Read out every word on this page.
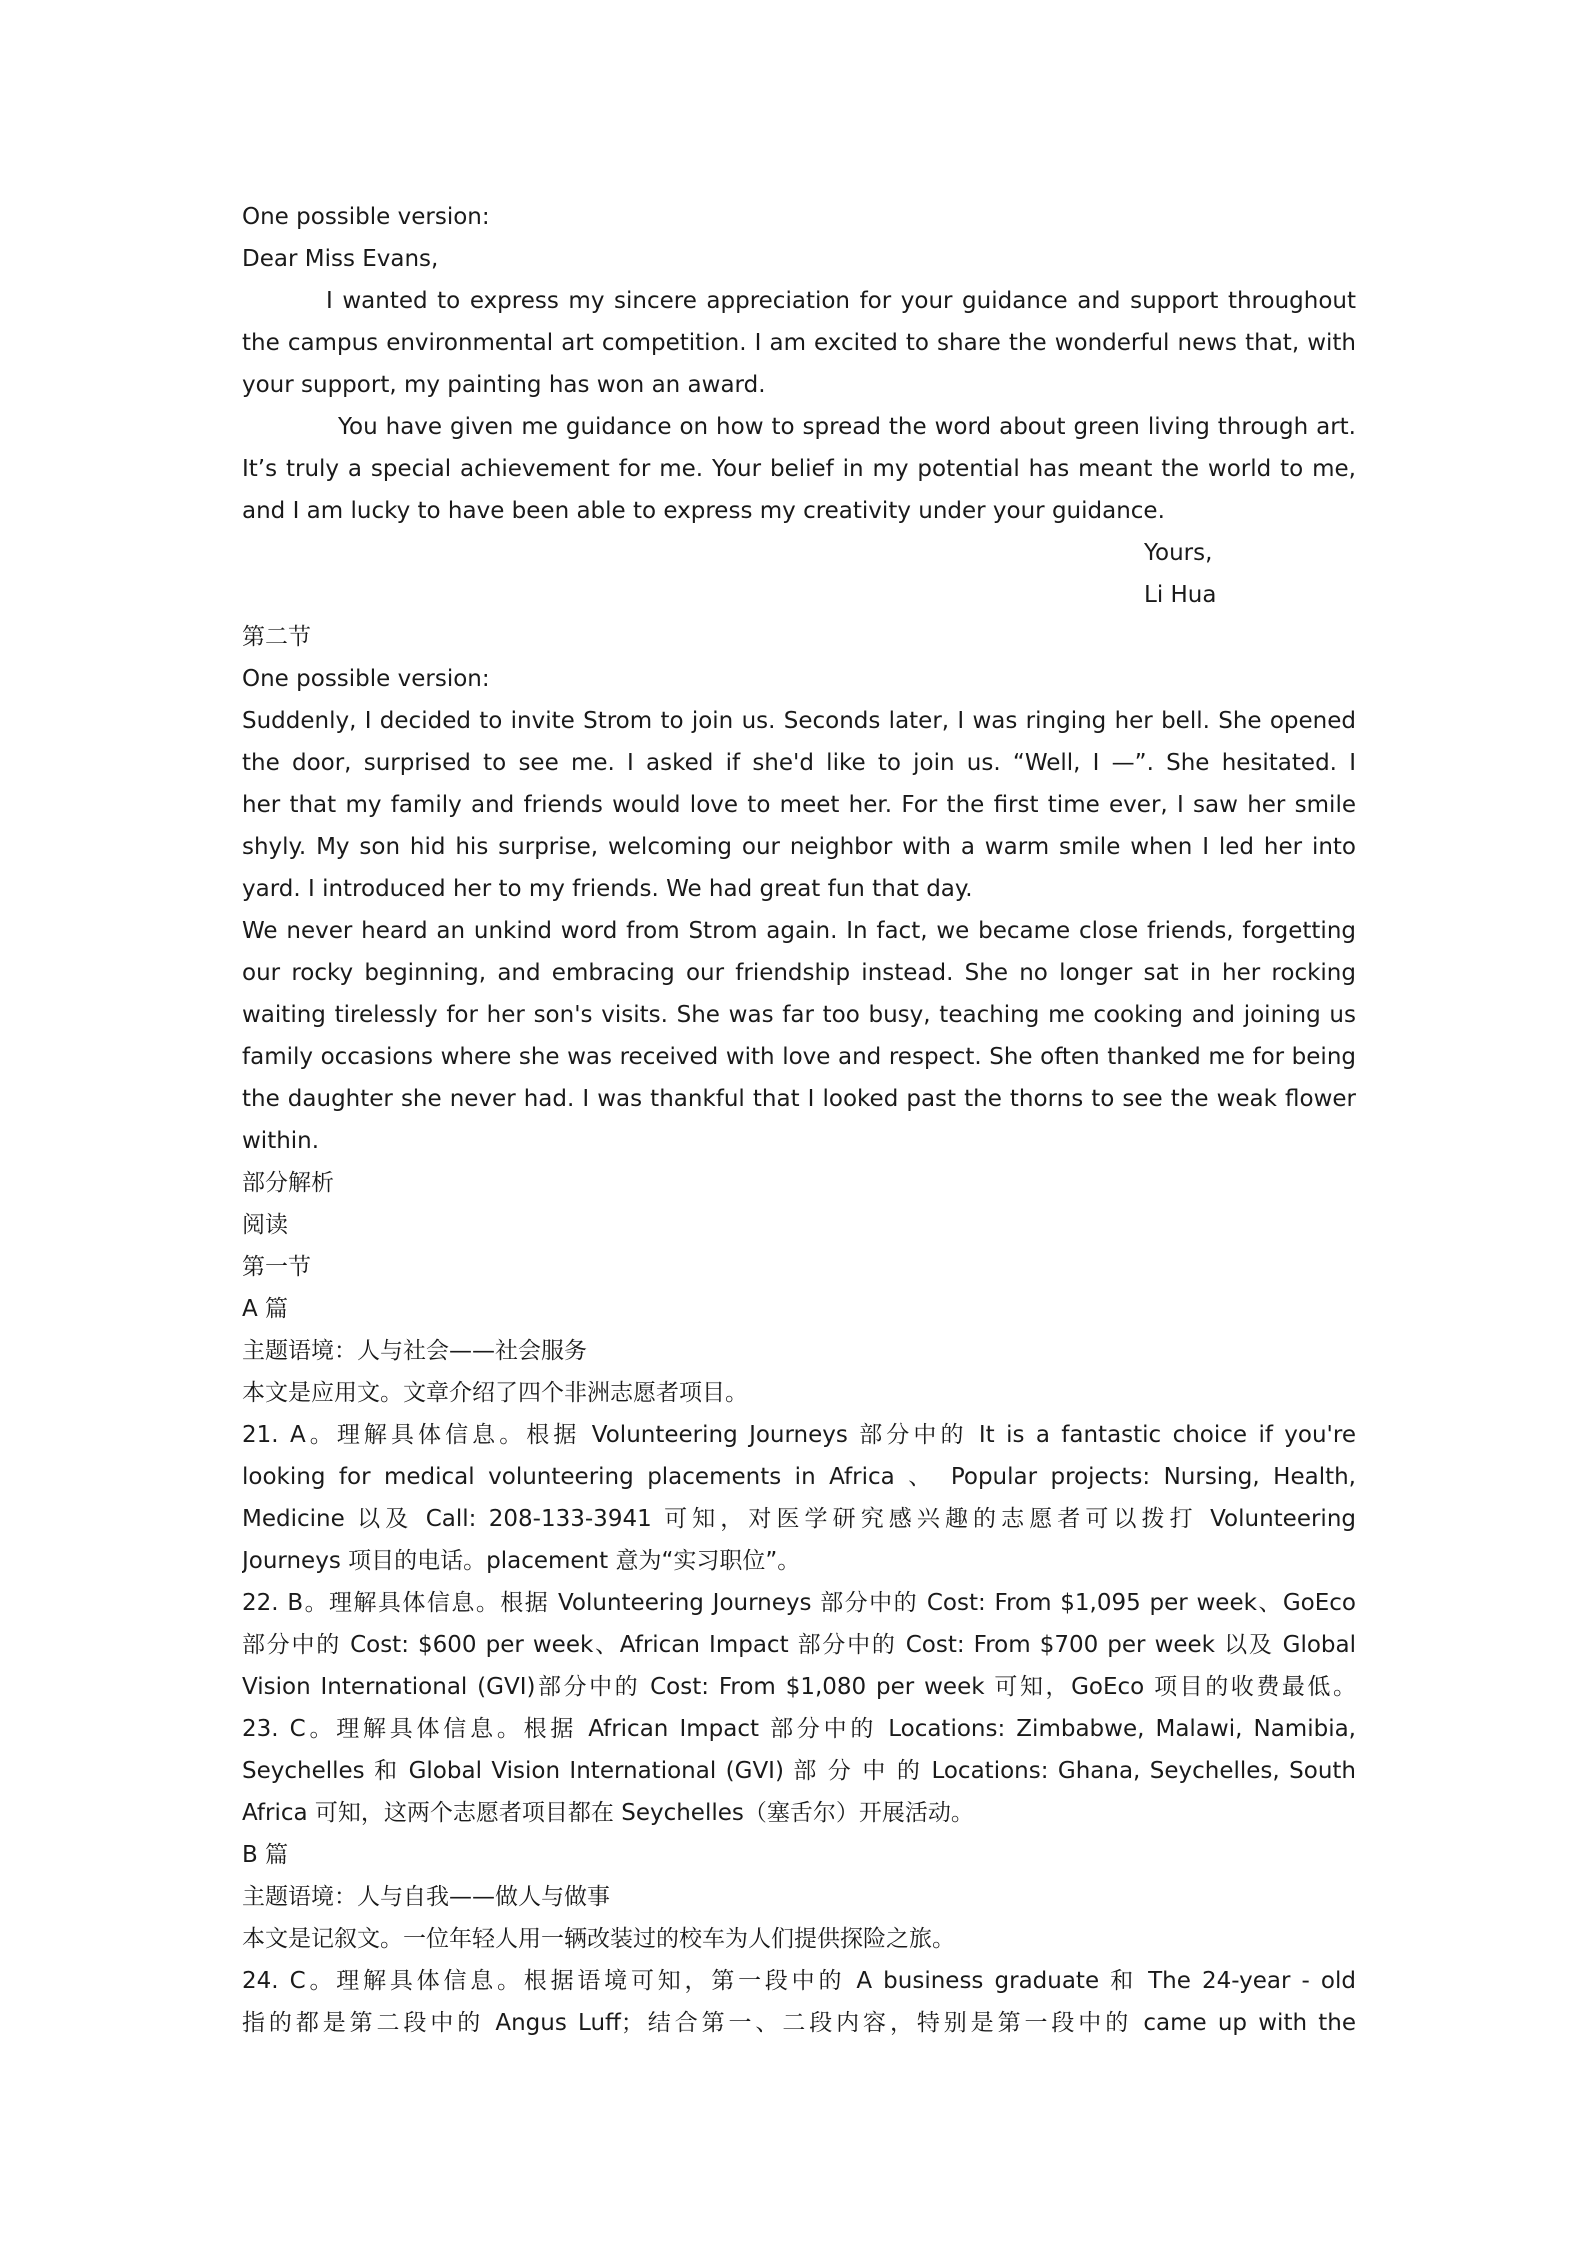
One possible version:
Dear Miss Evans,
I wanted to express my sincere appreciation for your guidance and support throughout
the campus environmental art competition. I am excited to share the wonderful news that, with
your support, my painting has won an award.
You have given me guidance on how to spread the word about green living through art.
It’s truly a special achievement for me. Your belief in my potential has meant the world to me,
and I am lucky to have been able to express my creativity under your guidance.
Yours,
Li Hua
第二节
One possible version:
Suddenly, I decided to invite Strom to join us. Seconds later, I was ringing her bell. She opened
the door, surprised to see me. I asked if she'd like to join us. “Well, I —”. She hesitated. I
her that my family and friends would love to meet her. For the first time ever, I saw her smile
shyly. My son hid his surprise, welcoming our neighbor with a warm smile when I led her into
yard. I introduced her to my friends. We had great fun that day.
We never heard an unkind word from Strom again. In fact, we became close friends, forgetting
our rocky beginning, and embracing our friendship instead. She no longer sat in her rocking
waiting tirelessly for her son's visits. She was far too busy, teaching me cooking and joining us
family occasions where she was received with love and respect. She often thanked me for being
the daughter she never had. I was thankful that I looked past the thorns to see the weak flower
within.
部分解析
阅读
第一节
A 篇
主题语境：人与社会——社会服务
本文是应用文。文章介绍了四个非洲志愿者项目。
21. A。理解具体信息。根据 Volunteering Journeys 部分中的 It is a fantastic choice if you're
looking for medical volunteering placements in Africa 、 Popular projects: Nursing, Health,
Medicine 以及 Call: 208-133-3941 可知，对医学研究感兴趣的志愿者可以拨打 Volunteering
Journeys 项目的电话。placement 意为“实习职位”。
22. B。理解具体信息。根据 Volunteering Journeys 部分中的 Cost: From $1,095 per week、GoEco
部分中的 Cost: $600 per week、African Impact 部分中的 Cost: From $700 per week 以及 Global
Vision International (GVI)部分中的 Cost: From $1,080 per week 可知，GoEco 项目的收费最低。
23. C。理解具体信息。根据 African Impact 部分中的 Locations: Zimbabwe, Malawi, Namibia,
Seychelles 和 Global Vision International (GVI) 部 分 中 的 Locations: Ghana, Seychelles, South
Africa 可知，这两个志愿者项目都在 Seychelles（塞舌尔）开展活动。
B 篇
主题语境：人与自我——做人与做事
本文是记叙文。一位年轻人用一辆改装过的校车为人们提供探险之旅。
24. C。理解具体信息。根据语境可知，第一段中的 A business graduate 和 The 24-year - old
指的都是第二段中的 Angus Luff；结合第一、二段内容，特别是第一段中的 came up with the
